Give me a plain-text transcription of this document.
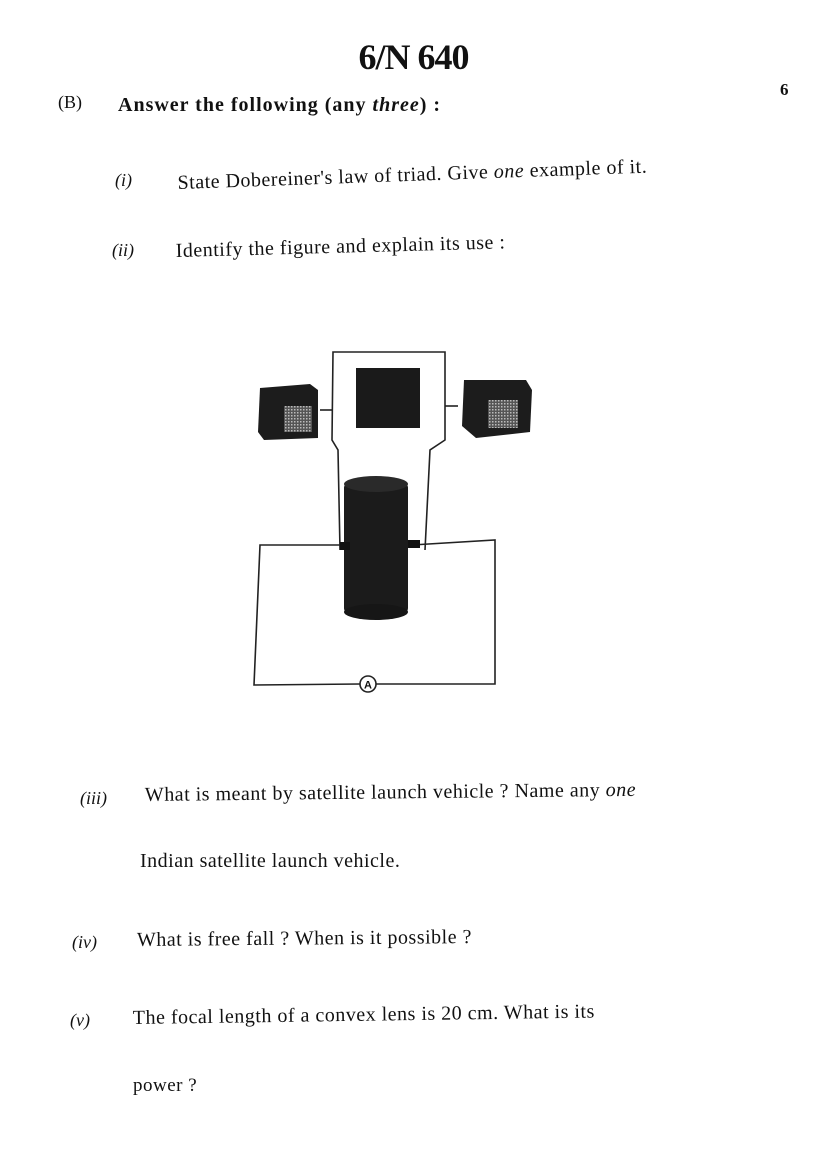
6/N 640
6
(B) Answer the following (any three) :
(i) State Dobereiner's law of triad. Give one example of it.
(ii) Identify the figure and explain its use :
A
(iii) What is meant by satellite launch vehicle ? Name any one
Indian satellite launch vehicle.
(iv) What is free fall ? When is it possible ?
(v) The focal length of a convex lens is 20 cm. What is its
power ?
